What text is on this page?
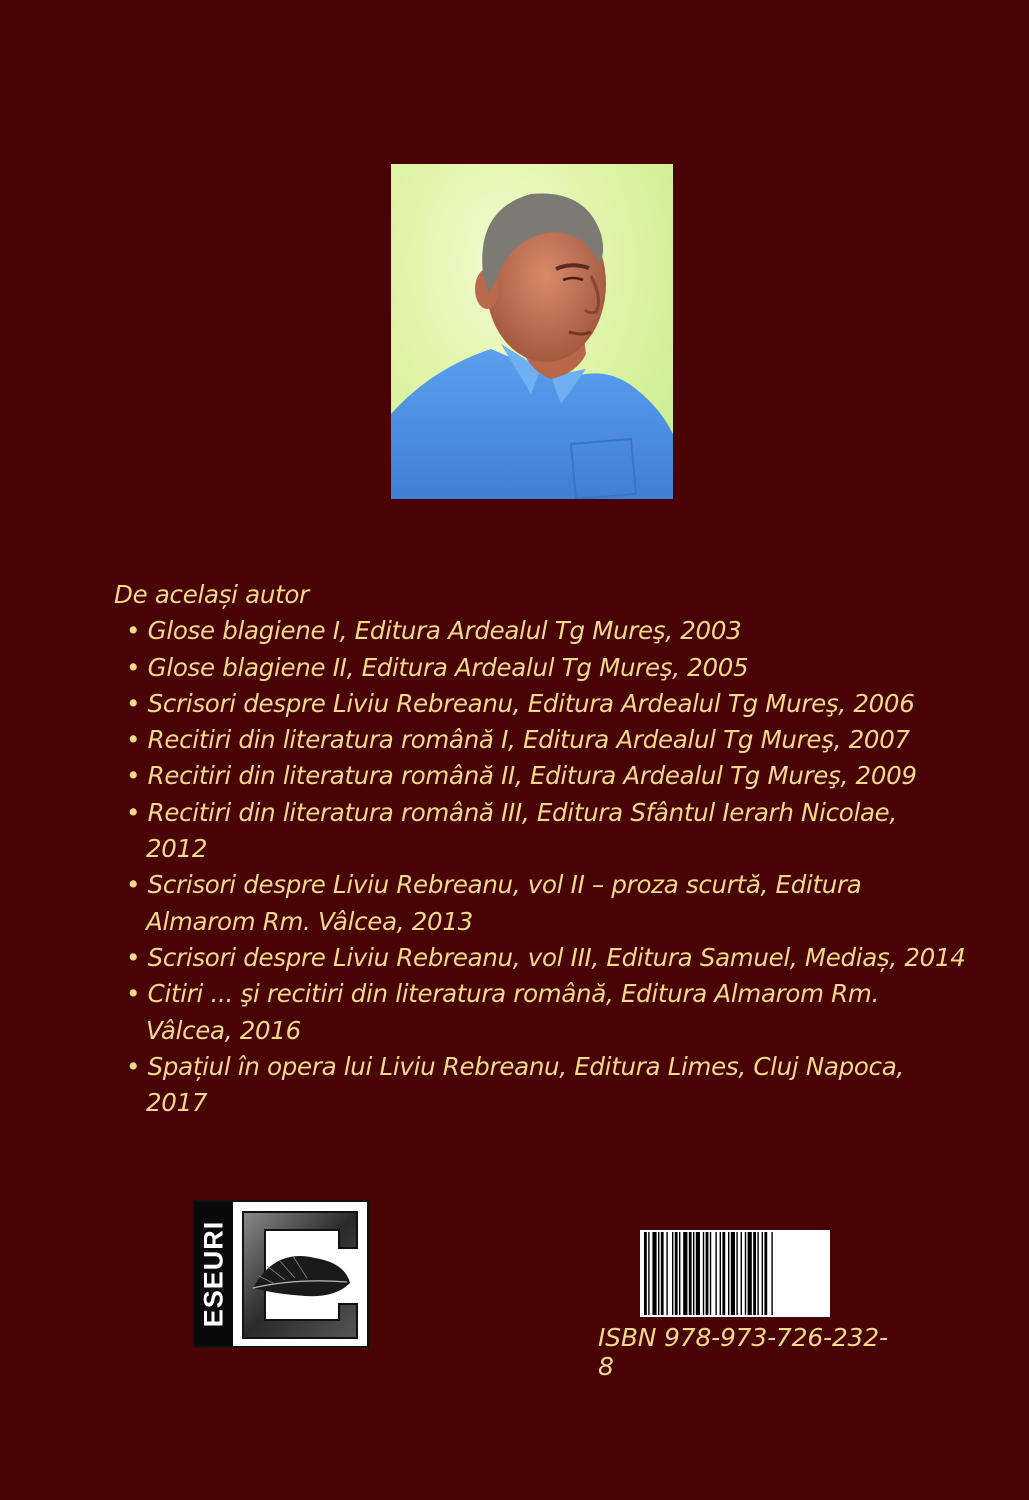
De același autor
• Glose blagiene I, Editura Ardealul Tg Mureş, 2003
• Glose blagiene II, Editura Ardealul Tg Mureş, 2005
• Scrisori despre Liviu Rebreanu, Editura Ardealul Tg Mureş, 2006
• Recitiri din literatura română I, Editura Ardealul Tg Mureş, 2007
• Recitiri din literatura română II, Editura Ardealul Tg Mureş, 2009
• Recitiri din literatura română III, Editura Sfântul Ierarh Nicolae, 2012
• Scrisori despre Liviu Rebreanu, vol II – proza scurtă, Editura Almarom Rm. Vâlcea, 2013
• Scrisori despre Liviu Rebreanu, vol III, Editura Samuel, Mediaș, 2014
• Citiri ... şi recitiri din literatura română, Editura Almarom Rm. Vâlcea, 2016
• Spațiul în opera lui Liviu Rebreanu, Editura Limes, Cluj Napoca, 2017
ESEURI
ISBN 978-973-726-232-8
